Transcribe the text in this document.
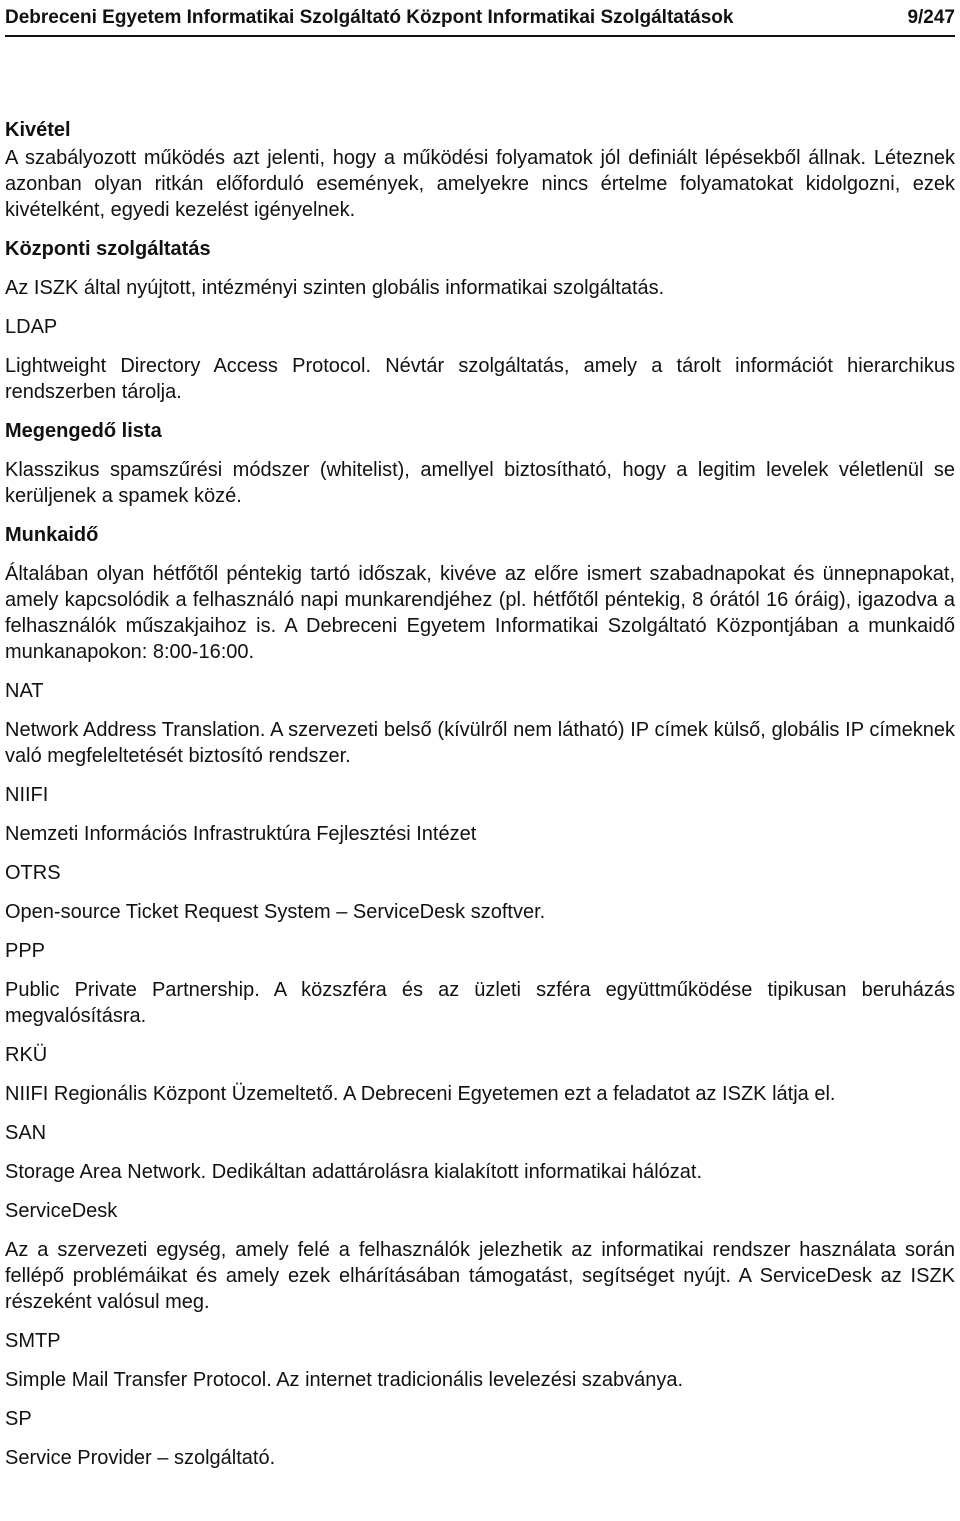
Debreceni Egyetem Informatikai Szolgáltató Központ Informatikai Szolgáltatások	9/247

Kivétel

A szabályozott működés azt jelenti, hogy a működési folyamatok jól definiált lépésekből állnak. Léteznek azonban olyan ritkán előforduló események, amelyekre nincs értelme folyamatokat kidolgozni, ezek kivételként, egyedi kezelést igényelnek.

Központi szolgáltatás

Az ISZK által nyújtott, intézményi szinten globális informatikai szolgáltatás.

LDAP

Lightweight Directory Access Protocol. Névtár szolgáltatás, amely a tárolt információt hierarchikus rendszerben tárolja.

Megengedő lista

Klasszikus spamszűrési módszer (whitelist), amellyel biztosítható, hogy a legitim levelek véletlenül se kerüljenek a spamek közé.

Munkaidő

Általában olyan hétfőtől péntekig tartó időszak, kivéve az előre ismert szabadnapokat és ünnepnapokat, amely kapcsolódik a felhasználó napi munkarendjéhez (pl. hétfőtől péntekig, 8 órától 16 óráig), igazodva a felhasználók műszakjaihoz is. A Debreceni Egyetem Informatikai Szolgáltató Központjában a munkaidő munkanapokon: 8:00-16:00.

NAT

Network Address Translation. A szervezeti belső (kívülről nem látható) IP címek külső, globális IP címeknek való megfeleltetését biztosító rendszer.

NIIFI

Nemzeti Információs Infrastruktúra Fejlesztési Intézet

OTRS

Open-source Ticket Request System – ServiceDesk szoftver.

PPP

Public Private Partnership. A közszféra és az üzleti szféra együttműködése tipikusan beruházás megvalósításra.

RKÜ

NIIFI Regionális Központ Üzemeltető. A Debreceni Egyetemen ezt a feladatot az ISZK látja el.

SAN

Storage Area Network. Dedikáltan adattárolásra kialakított informatikai hálózat.

ServiceDesk

Az a szervezeti egység, amely felé a felhasználók jelezhetik az informatikai rendszer használata során fellépő problémáikat és amely ezek elhárításában támogatást, segítséget nyújt. A ServiceDesk az ISZK részeként valósul meg.

SMTP

Simple Mail Transfer Protocol. Az internet tradicionális levelezési szabványa.

SP

Service Provider – szolgáltató.
